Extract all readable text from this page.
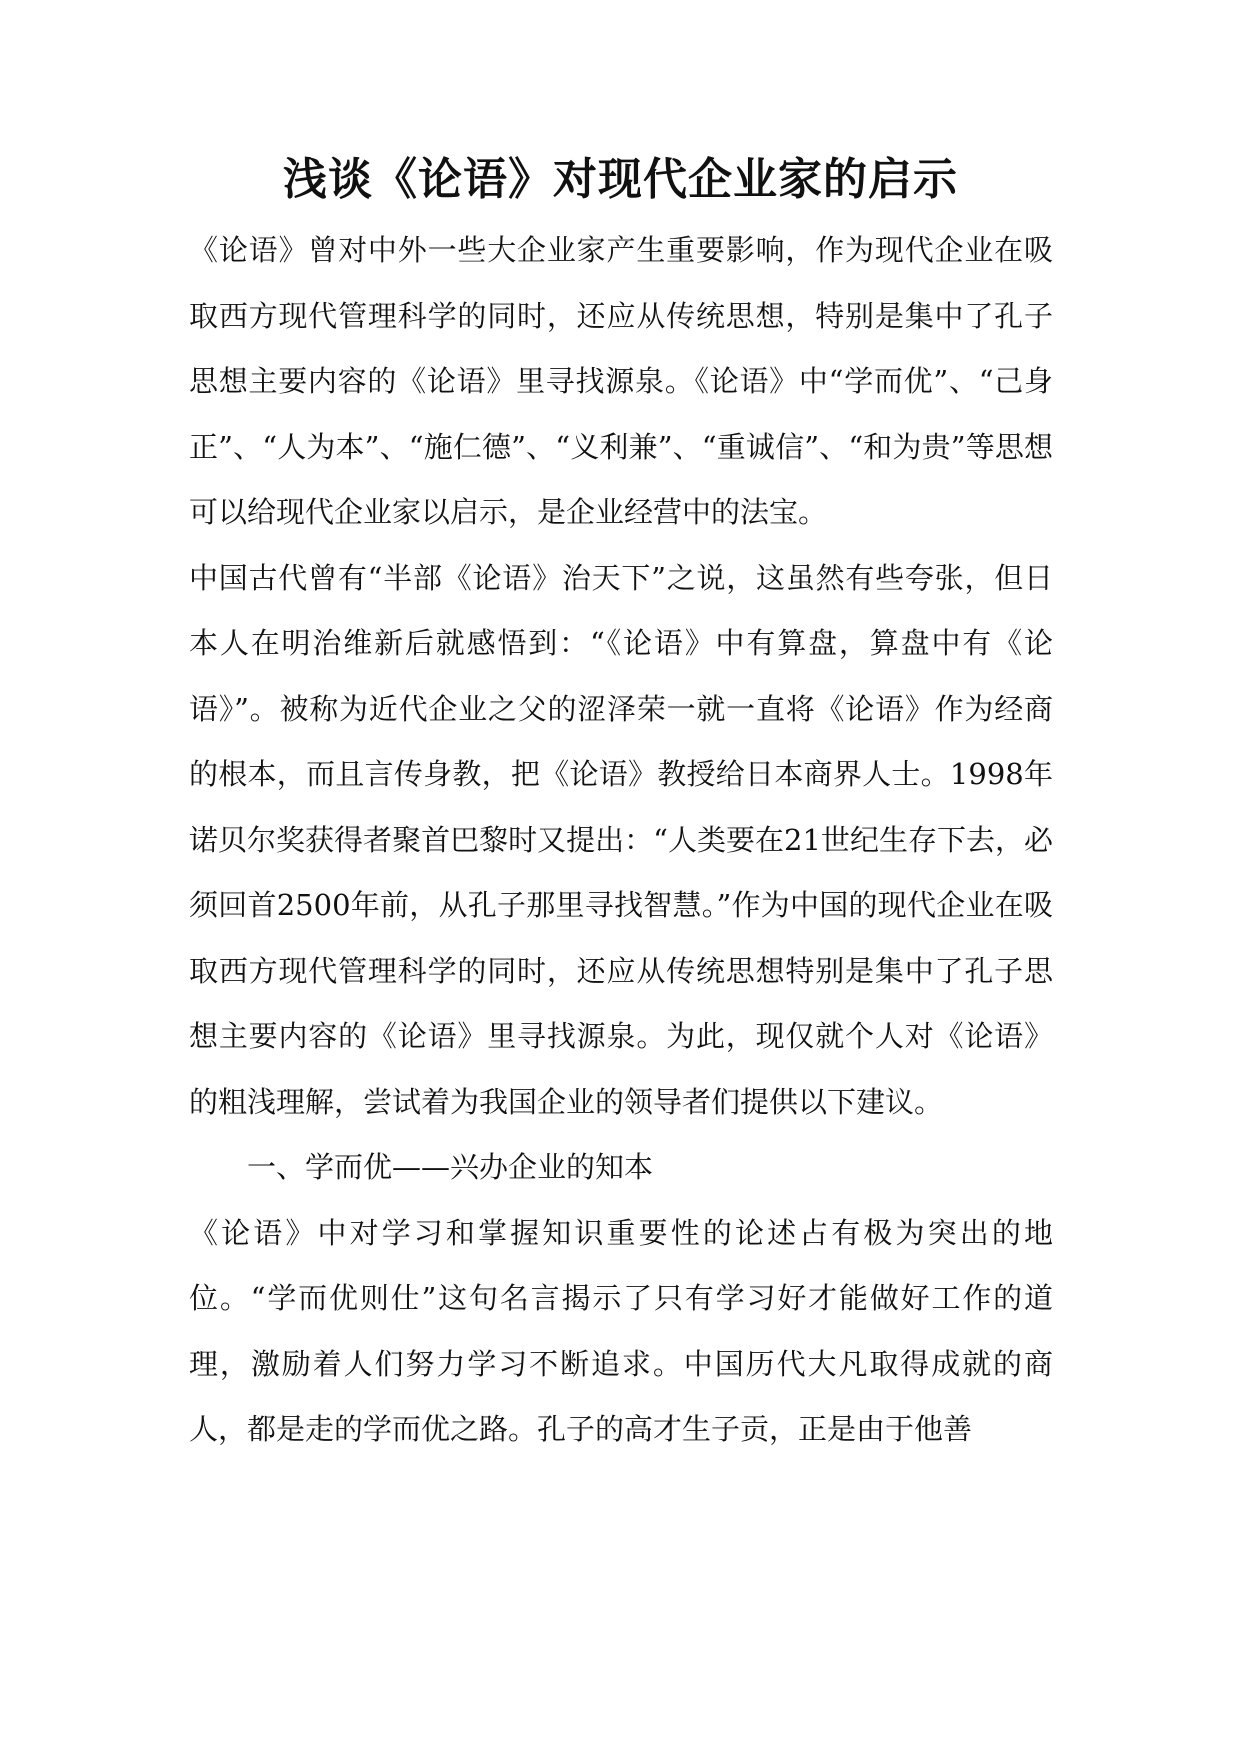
浅谈《论语》对现代企业家的启示

《论语》曾对中外一些大企业家产生重要影响，作为现代企业在吸取西方现代管理科学的同时，还应从传统思想，特别是集中了孔子思想主要内容的《论语》里寻找源泉。《论语》中“学而优”、“己身正”、“人为本”、“施仁德”、“义利兼”、“重诚信”、“和为贵”等思想可以给现代企业家以启示，是企业经营中的法宝。

中国古代曾有“半部《论语》治天下”之说，这虽然有些夸张，但日本人在明治维新后就感悟到：“《论语》中有算盘，算盘中有《论语》”。被称为近代企业之父的涩泽荣一就一直将《论语》作为经商的根本，而且言传身教，把《论语》教授给日本商界人士。1998年诺贝尔奖获得者聚首巴黎时又提出：“人类要在21世纪生存下去，必须回首2500年前，从孔子那里寻找智慧。”作为中国的现代企业在吸取西方现代管理科学的同时，还应从传统思想特别是集中了孔子思想主要内容的《论语》里寻找源泉。为此，现仅就个人对《论语》的粗浅理解，尝试着为我国企业的领导者们提供以下建议。

一、学而优——兴办企业的知本

《论语》中对学习和掌握知识重要性的论述占有极为突出的地位。“学而优则仕”这句名言揭示了只有学习好才能做好工作的道理，激励着人们努力学习不断追求。中国历代大凡取得成就的商人，都是走的学而优之路。孔子的高才生子贡，正是由于他善
